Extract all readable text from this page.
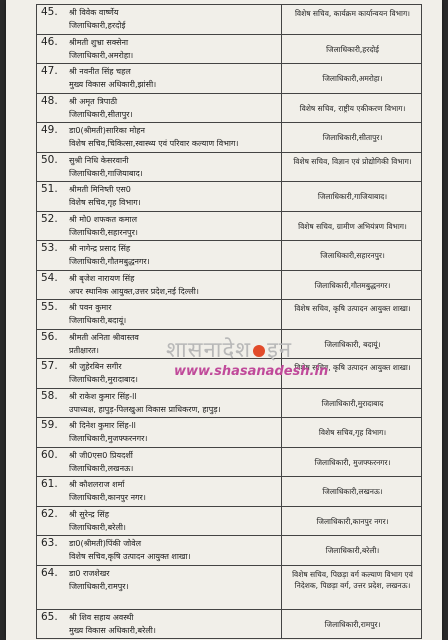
45. श्री विवेक वार्ष्णेय
जिलाधिकारी,हरदोई
विशेष सचिव, कार्यक्रम कार्यान्वयन विभाग।
46. श्रीमती शुभ्रा सक्सेना
जिलाधिकारी,अमरोहा।
जिलाधिकारी,हरदोई
47. श्री नवनीत सिंह चहल
मुख्य विकास अधिकारी,झांसी।
जिलाधिकारी,अमरोहा।
48. श्री अमृत त्रिपाठी
जिलाधिकारी,सीतापुर।
विशेष सचिव, राष्ट्रीय एकीकरण विभाग।
49. डा0(श्रीमती)सारिका मोहन
विशेष सचिव,चिकित्सा,स्वास्थ्य एवं परिवार कल्याण विभाग।
जिलाधिकारी,सीतापुर।
50. सुश्री निधि केसरवानी
जिलाधिकारी,गाजियाबाद।
विशेष सचिव, विज्ञान एवं प्रोद्योगिकी विभाग।
51. श्रीमती मिनिष्ती एस0
विशेष सचिव,गृह विभाग।
जिलाधिकारी,गाजियाबाद।
52. श्री मो0 शफकत कमाल
जिलाधिकारी,सहारनपुर।
विशेष सचिव, ग्रामीण अभियंत्रण विभाग।
53. श्री नागेन्द्र प्रसाद सिंह
जिलाधिकारी,गौतमबुद्धनगर।
जिलाधिकारी,सहारनपुर।
54. श्री बृजेश नारायण सिंह
अपर स्थानिक आयुक्त,उत्तर प्रदेश,नई दिल्ली।
जिलाधिकारी,गौतमबुद्धनगर।
55. श्री पवन कुमार
जिलाधिकारी,बदायूं।
विशेष सचिव, कृषि उत्पादन आयुक्त शाखा।
56. श्रीमती अनिता श्रीवास्तव
प्रतीक्षारत।
जिलाधिकारी, बदायूं।
57. श्री जुहेरबिन सगीर
जिलाधिकारी,मुरादाबाद।
विशेष सचिव, कृषि उत्पादन आयुक्त शाखा।
58. श्री राकेश कुमार सिंह-ll
उपाध्यक्ष, हापुड़-पिलखुआ विकास प्राधिकरण, हापुड़।
जिलाधिकारी,मुरादाबाद
59. श्री दिनेश कुमार सिंह-ll
जिलाधिकारी,मुजफ्फरनगर।
विशेष सचिव,गृह विभाग।
60. श्री जी0एस0 प्रियदर्शी
जिलाधिकारी,लखनऊ।
जिलाधिकारी, मुजफ्फरनगर।
61. श्री कौशलराज शर्मा
जिलाधिकारी,कानपुर नगर।
जिलाधिकारी,लखनऊ।
62. श्री सुरेन्द्र सिंह
जिलाधिकारी,बरेली।
जिलाधिकारी,कानपुर नगर।
63. डा0(श्रीमती)पिंकी जोवेल
विशेष सचिव,कृषि उत्पादन आयुक्त शाखा।
जिलाधिकारी,बरेली।
64. डा0 राजशेखर
जिलाधिकारी,रामपुर।
विशेष सचिव, पिछड़ा वर्ग कल्याण विभाग एवं निदेशक, पिछड़ा वर्ग, उत्तर प्रदेश, लखनऊ।
65. श्री शिव सहाय अवस्थी
मुख्य विकास अधिकारी,बरेली।
जिलाधिकारी,रामपुर।
शासनादेश इन
www.shasanadesh.in
